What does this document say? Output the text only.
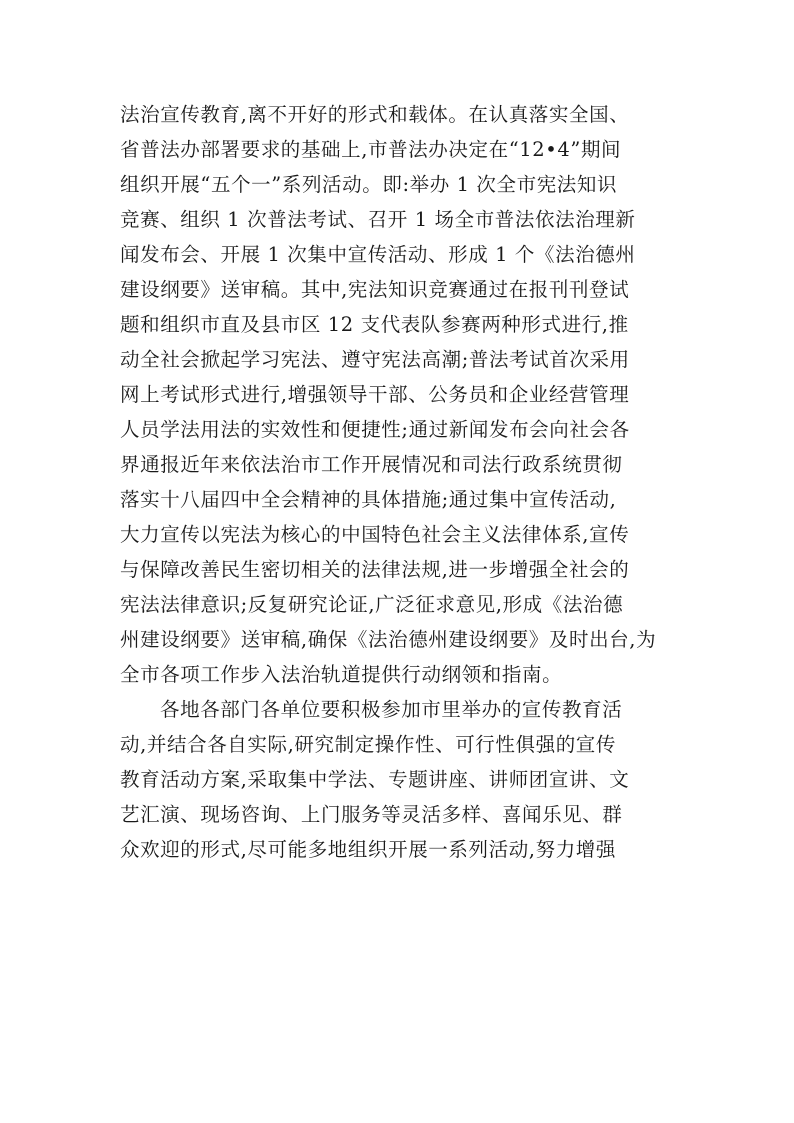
法治宣传教育,离不开好的形式和载体。在认真落实全国、
省普法办部署要求的基础上,市普法办决定在“12•4”期间
组织开展“五个一”系列活动。即:举办 1 次全市宪法知识
竞赛、组织 1 次普法考试、召开 1 场全市普法依法治理新
闻发布会、开展 1 次集中宣传活动、形成 1 个《法治德州
建设纲要》送审稿。其中,宪法知识竞赛通过在报刊刊登试
题和组织市直及县市区 12 支代表队参赛两种形式进行,推
动全社会掀起学习宪法、遵守宪法高潮;普法考试首次采用
网上考试形式进行,增强领导干部、公务员和企业经营管理
人员学法用法的实效性和便捷性;通过新闻发布会向社会各
界通报近年来依法治市工作开展情况和司法行政系统贯彻
落实十八届四中全会精神的具体措施;通过集中宣传活动,
大力宣传以宪法为核心的中国特色社会主义法律体系,宣传
与保障改善民生密切相关的法律法规,进一步增强全社会的
宪法法律意识;反复研究论证,广泛征求意见,形成《法治德
州建设纲要》送审稿,确保《法治德州建设纲要》及时出台,为
全市各项工作步入法治轨道提供行动纲领和指南。
各地各部门各单位要积极参加市里举办的宣传教育活
动,并结合各自实际,研究制定操作性、可行性俱强的宣传
教育活动方案,采取集中学法、专题讲座、讲师团宣讲、文
艺汇演、现场咨询、上门服务等灵活多样、喜闻乐见、群
众欢迎的形式,尽可能多地组织开展一系列活动,努力增强
